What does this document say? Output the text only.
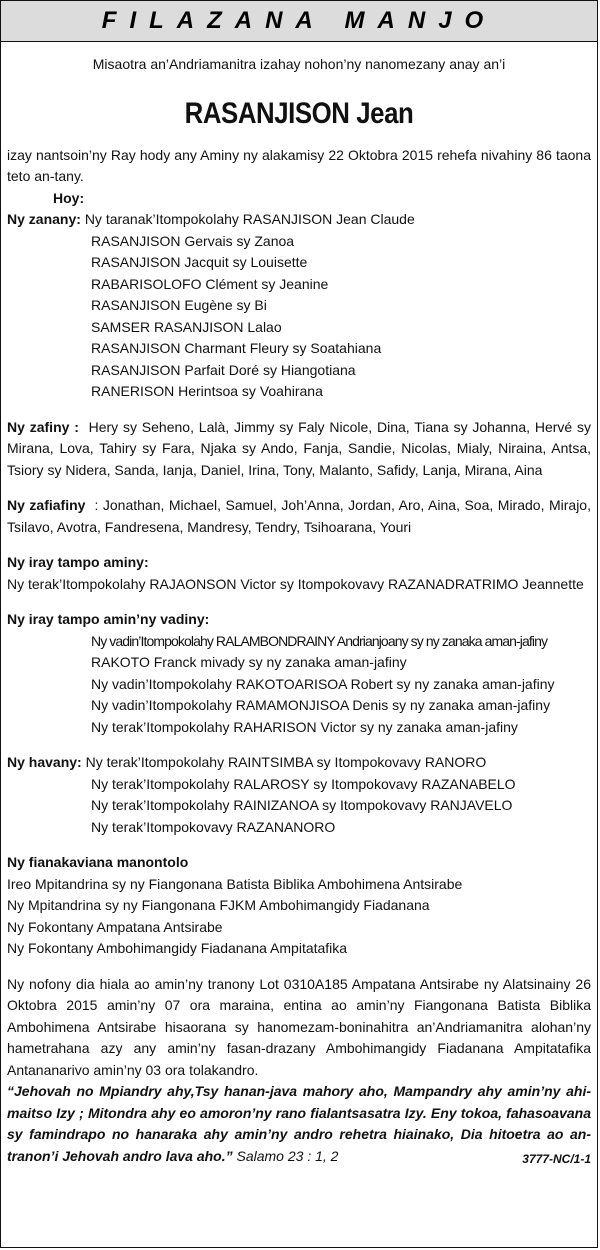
FILAZANA MANJO
Misaotra an’Andriamanitra izahay nohon’ny nanomezany anay an’i
RASANJISON Jean
izay nantsoin’ny Ray hody any Aminy ny alakamisy 22 Oktobra 2015 rehefa nivahiny 86 taona teto an-tany.
Hoy:
Ny zanany:
Ny taranak’Itompokolahy RASANJISON Jean Claude
RASANJISON Gervais sy Zanoa
RASANJISON Jacquit sy Louisette
RABARISOLOFO Clément sy Jeanine
RASANJISON Eugène sy Bi
SAMSER RASANJISON Lalao
RASANJISON Charmant Fleury sy Soatahiana
RASANJISON Parfait Doré sy Hiangotiana
RANERISON Herintsoa sy Voahirana
Ny zafiny : Hery sy Seheno, Lalà, Jimmy sy Faly Nicole, Dina, Tiana sy Johanna, Hervé sy Mirana, Lova, Tahiry sy Fara, Njaka sy Ando, Fanja, Sandie, Nicolas, Mialy, Niraina, Antsa, Tsiory sy Nidera, Sanda, Ianja, Daniel, Irina, Tony, Malanto, Safidy, Lanja, Mirana, Aina
Ny zafiafiny : Jonathan, Michael, Samuel, Joh’Anna, Jordan, Aro, Aina, Soa, Mirado, Mirajo, Tsilavo, Avotra, Fandresena, Mandresy, Tendry, Tsihoarana, Youri
Ny iray tampo aminy:
Ny terak’Itompokolahy RAJAONSON Victor sy Itompokovavy RAZANADRATRIMO Jeannette
Ny iray tampo amin’ny vadiny:
Ny vadin’Itompokolahy RALAMBONDRAINY Andrianjoany sy ny zanaka aman-jafiny
RAKOTO Franck mivady sy ny zanaka aman-jafiny
Ny vadin’Itompokolahy RAKOTOARISOA Robert sy ny zanaka aman-jafiny
Ny vadin’Itompokolahy RAMAMONJISOA Denis sy ny zanaka aman-jafiny
Ny terak’Itompokolahy RAHARISON Victor sy ny zanaka aman-jafiny
Ny havany:
Ny terak’Itompokolahy RAINTSIMBA sy Itompokovavy RANORO
Ny terak’Itompokolahy RALAROSY sy Itompokovavy RAZANABELO
Ny terak’Itompokolahy RAINIZANOA sy Itompokovavy RANJAVELO
Ny terak’Itompokovavy RAZANANORO
Ny fianakaviana manontolo
Ireo Mpitandrina sy ny Fiangonana Batista Biblika Ambohimena Antsirabe
Ny Mpitandrina sy ny Fiangonana FJKM Ambohimangidy Fiadanana
Ny Fokontany Ampatana Antsirabe
Ny Fokontany Ambohimangidy Fiadanana Ampitatafika
Ny nofony dia hiala ao amin’ny tranony Lot 0310A185 Ampatana Antsirabe ny Alatsinainy 26 Oktobra 2015 amin’ny 07 ora maraina, entina ao amin’ny Fiangonana Batista Biblika Ambohimena Antsirabe hisaorana sy hanomezam-boninahitra an’Andriamanitra alohan’ny hametrahana azy any amin’ny fasan-drazany Ambohimangidy Fiadanana Ampitatafika Antananarivo amin’ny 03 ora tolakandro.
“Jehovah no Mpiandry ahy,Tsy hanan-java mahory aho, Mampandry ahy amin’ny ahi-maitso Izy ; Mitondra ahy eo amoron’ny rano fialantsasatra Izy. Eny tokoa, fahasoavana sy famindrapo no hanaraka ahy amin’ny andro rehetra hiainako, Dia hitoetra ao an-tranon’i Jehovah andro lava aho.” Salamo 23 : 1, 2	3777-NC/1-1
